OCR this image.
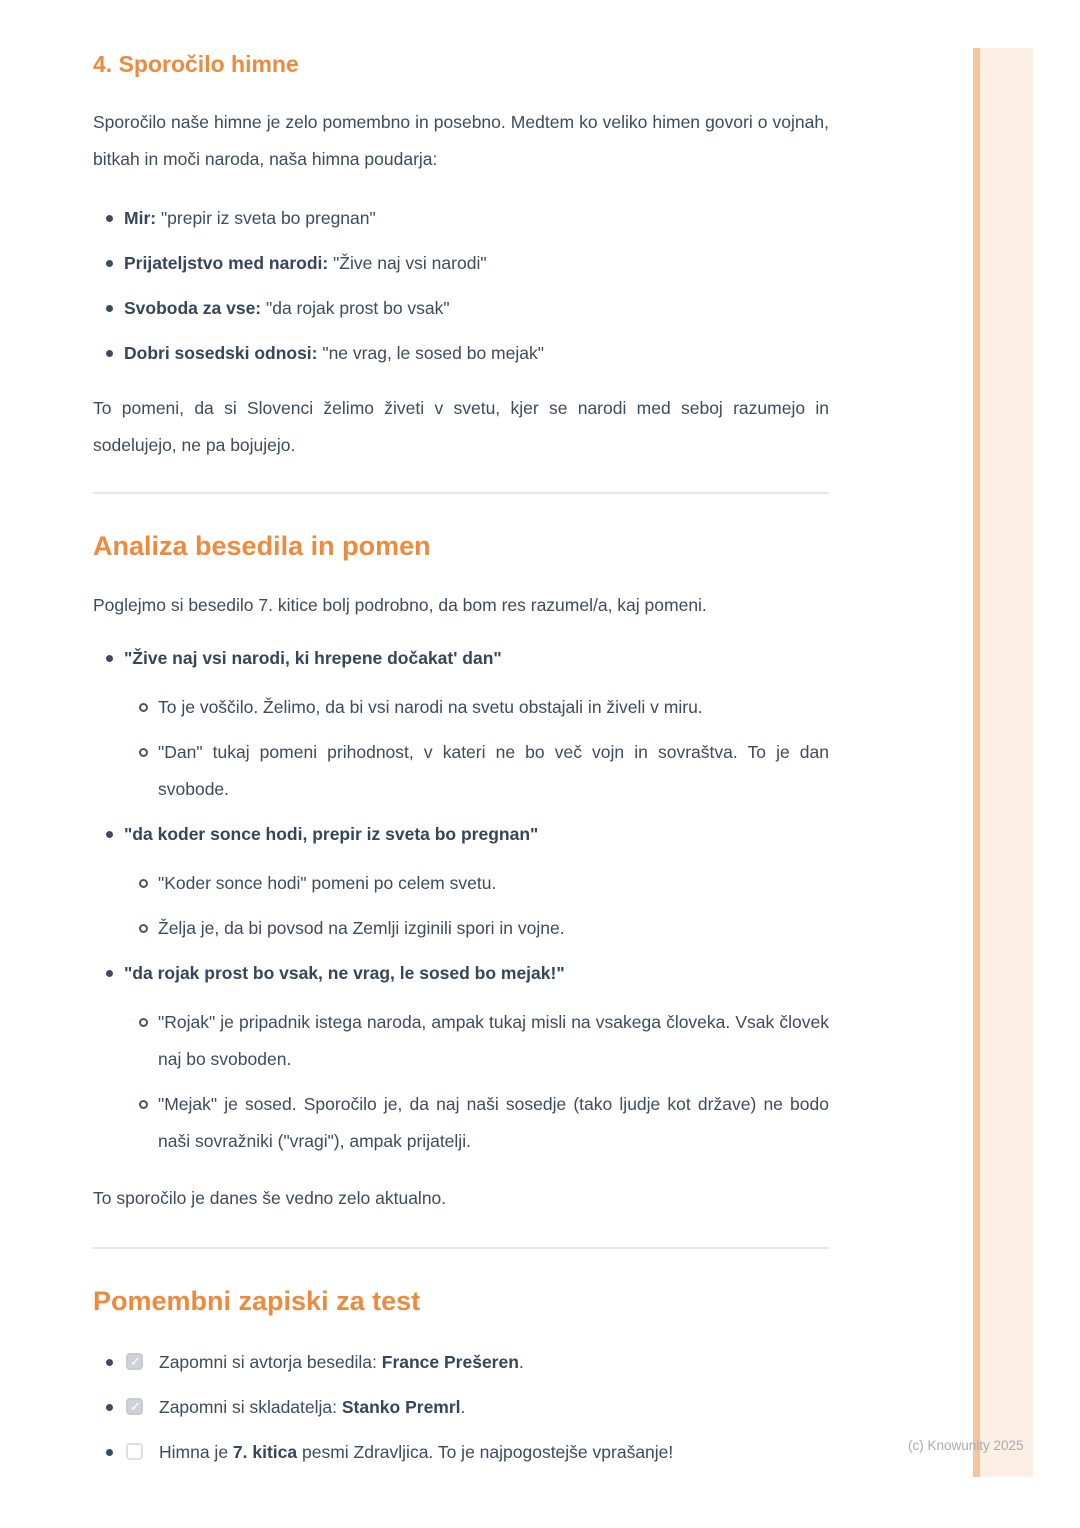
4. Sporočilo himne
Sporočilo naše himne je zelo pomembno in posebno. Medtem ko veliko himen govori o vojnah, bitkah in moči naroda, naša himna poudarja:
Mir: "prepir iz sveta bo pregnan"
Prijateljstvo med narodi: "Žive naj vsi narodi"
Svoboda za vse: "da rojak prost bo vsak"
Dobri sosedski odnosi: "ne vrag, le sosed bo mejak"
To pomeni, da si Slovenci želimo živeti v svetu, kjer se narodi med seboj razumejo in sodelujejo, ne pa bojujejo.
Analiza besedila in pomen
Poglejmo si besedilo 7. kitice bolj podrobno, da bom res razumel/a, kaj pomeni.
"Žive naj vsi narodi, ki hrepene dočakat' dan"
To je voščilo. Želimo, da bi vsi narodi na svetu obstajali in živeli v miru.
"Dan" tukaj pomeni prihodnost, v kateri ne bo več vojn in sovraštva. To je dan svobode.
"da koder sonce hodi, prepir iz sveta bo pregnan"
"Koder sonce hodi" pomeni po celem svetu.
Želja je, da bi povsod na Zemlji izginili spori in vojne.
"da rojak prost bo vsak, ne vrag, le sosed bo mejak!"
"Rojak" je pripadnik istega naroda, ampak tukaj misli na vsakega človeka. Vsak človek naj bo svoboden.
"Mejak" je sosed. Sporočilo je, da naj naši sosedje (tako ljudje kot države) ne bodo naši sovražniki ("vragi"), ampak prijatelji.
To sporočilo je danes še vedno zelo aktualno.
Pomembni zapiski za test
✓
Zapomni si avtorja besedila: France Prešeren.
✓
Zapomni si skladatelja: Stanko Premrl.
Himna je 7. kitica pesmi Zdravljica. To je najpogostejše vprašanje!	(c) Knowunity 2025
